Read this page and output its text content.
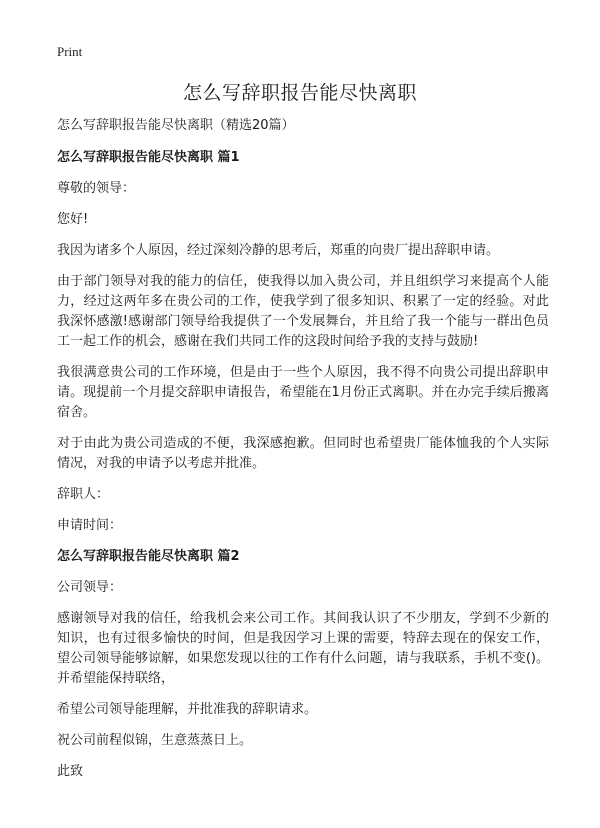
Print
怎么写辞职报告能尽快离职
怎么写辞职报告能尽快离职（精选20篇）
怎么写辞职报告能尽快离职 篇1
尊敬的领导：
您好!
我因为诸多个人原因，经过深刻冷静的思考后，郑重的向贵厂提出辞职申请。
由于部门领导对我的能力的信任，使我得以加入贵公司，并且组织学习来提高个人能力，经过这两年多在贵公司的工作，使我学到了很多知识、积累了一定的经验。对此我深怀感激!感谢部门领导给我提供了一个发展舞台，并且给了我一个能与一群出色员工一起工作的机会，感谢在我们共同工作的这段时间给予我的支持与鼓励!
我很满意贵公司的工作环境，但是由于一些个人原因，我不得不向贵公司提出辞职申请。现提前一个月提交辞职申请报告，希望能在1月份正式离职。并在办完手续后搬离宿舍。
对于由此为贵公司造成的不便，我深感抱歉。但同时也希望贵厂能体恤我的个人实际情况，对我的申请予以考虑并批准。
辞职人：
申请时间：
怎么写辞职报告能尽快离职 篇2
公司领导：
感谢领导对我的信任，给我机会来公司工作。其间我认识了不少朋友，学到不少新的知识，也有过很多愉快的时间，但是我因学习上课的需要，特辞去现在的保安工作，望公司领导能够谅解，如果您发现以往的工作有什么问题，请与我联系，手机不变()。并希望能保持联络，
希望公司领导能理解，并批准我的辞职请求。
祝公司前程似锦，生意蒸蒸日上。
此致
